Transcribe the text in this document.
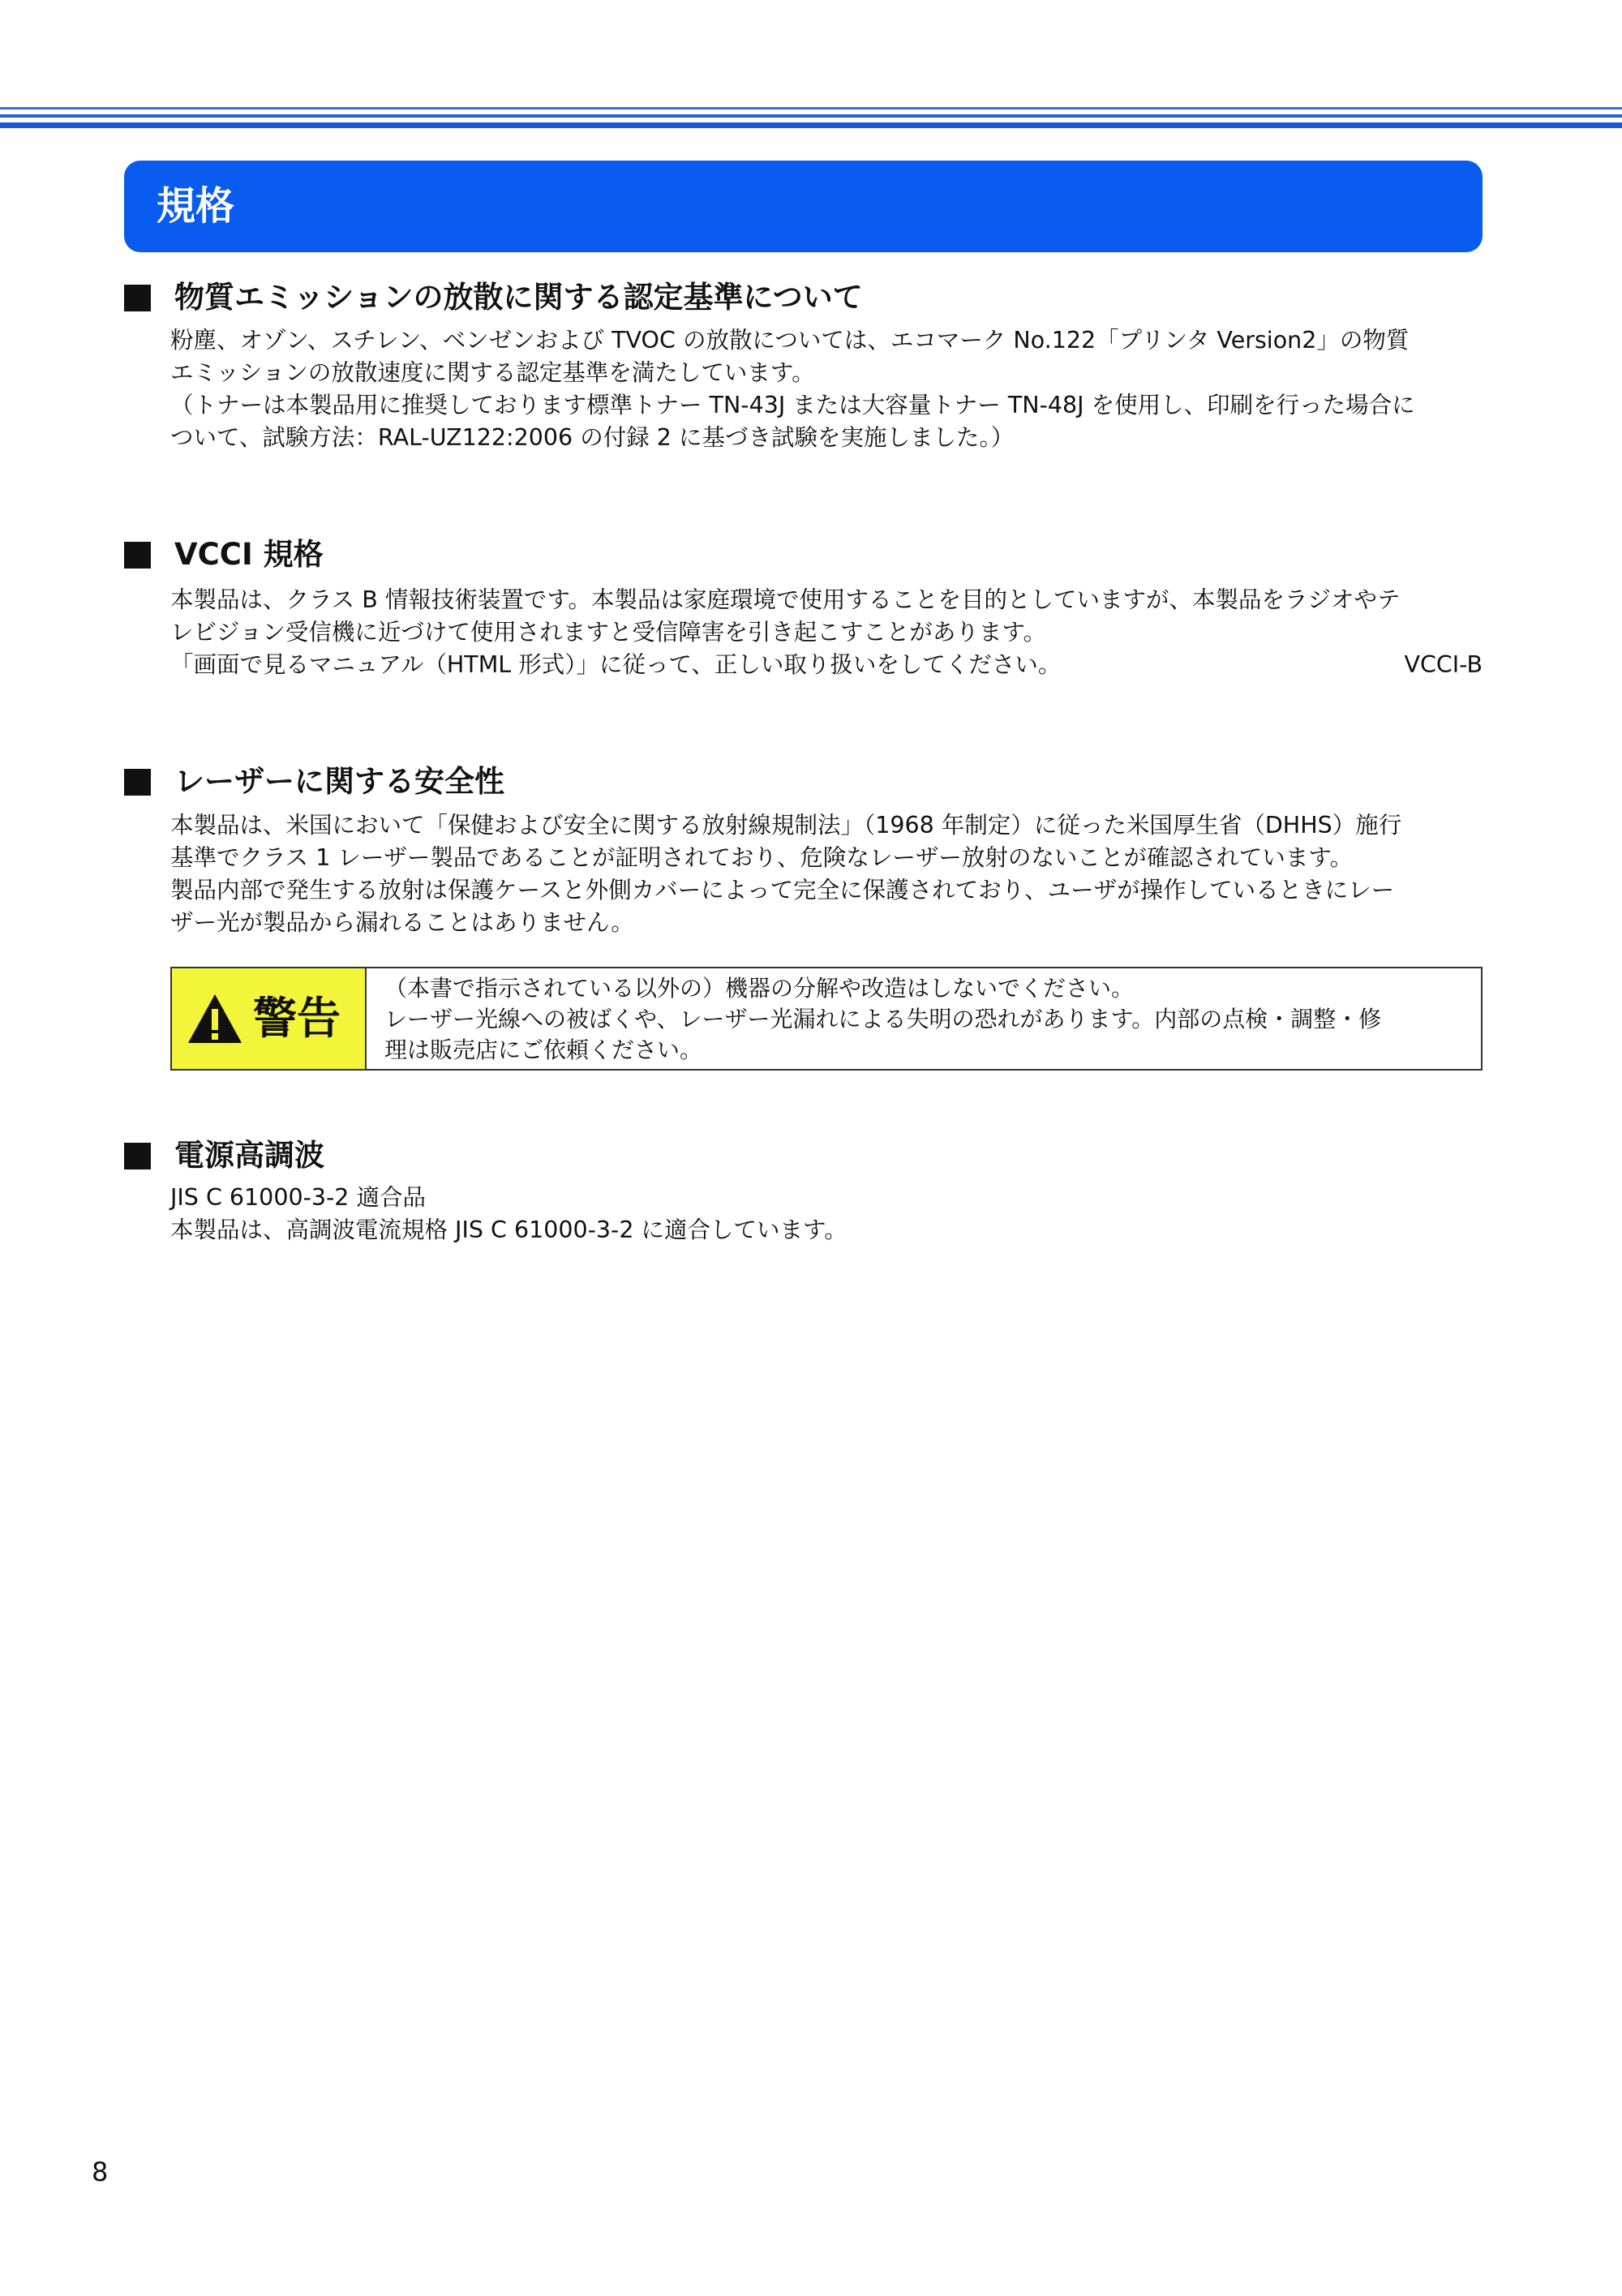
規格
物質エミッションの放散に関する認定基準について
粉塵、オゾン、スチレン、ベンゼンおよび TVOC の放散については、エコマーク No.122「プリンタ Version2」の物質
エミッションの放散速度に関する認定基準を満たしています。
（トナーは本製品用に推奨しております標準トナー TN-43J または大容量トナー TN-48J を使用し、印刷を行った場合に
ついて、試験方法：RAL-UZ122:2006 の付録 2 に基づき試験を実施しました。）
VCCI 規格
本製品は、クラス B 情報技術装置です。本製品は家庭環境で使用することを目的としていますが、本製品をラジオやテ
レビジョン受信機に近づけて使用されますと受信障害を引き起こすことがあります。
「画面で見るマニュアル（HTML 形式）」に従って、正しい取り扱いをしてください。	VCCI-B
レーザーに関する安全性
本製品は、米国において「保健および安全に関する放射線規制法」（1968 年制定）に従った米国厚生省（DHHS）施行
基準でクラス 1 レーザー製品であることが証明されており、危険なレーザー放射のないことが確認されています。
製品内部で発生する放射は保護ケースと外側カバーによって完全に保護されており、ユーザが操作しているときにレー
ザー光が製品から漏れることはありません。
警告
（本書で指示されている以外の）機器の分解や改造はしないでください。
レーザー光線への被ばくや、レーザー光漏れによる失明の恐れがあります。内部の点検・調整・修
理は販売店にご依頼ください。
電源高調波
JIS C 61000-3-2 適合品
本製品は、高調波電流規格 JIS C 61000-3-2 に適合しています。
8
